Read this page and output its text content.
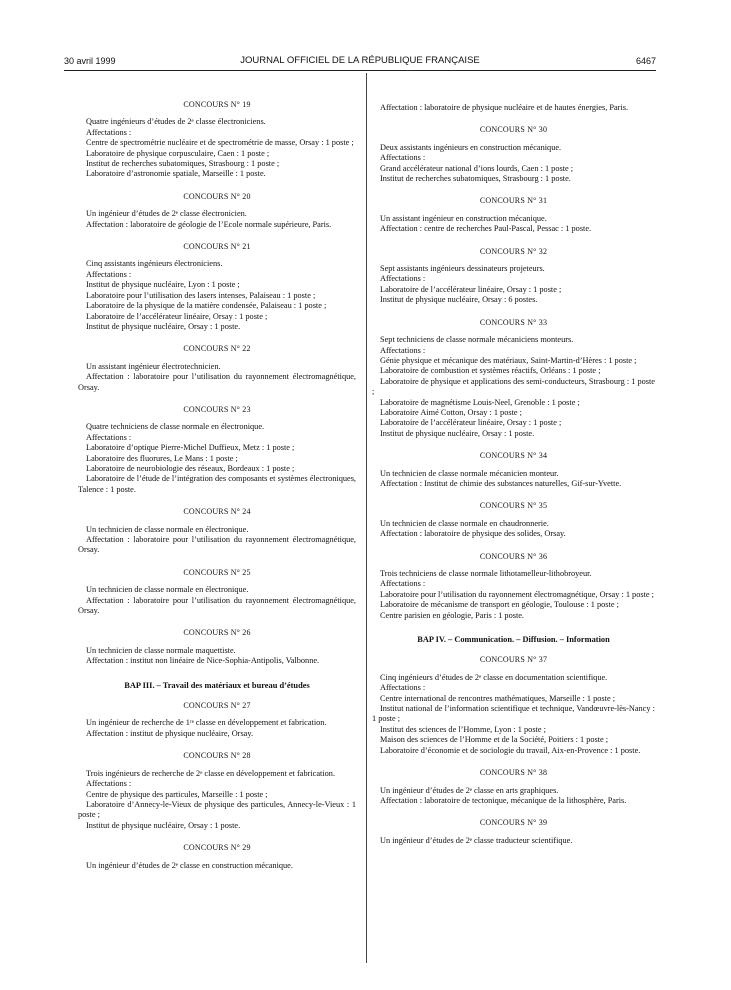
30 avril 1999	JOURNAL OFFICIEL DE LA RÉPUBLIQUE FRANÇAISE	6467
CONCOURS N° 19

Quatre ingénieurs d’études de 2ᵉ classe électroniciens.

Affectations :

Centre de spectrométrie nucléaire et de spectrométrie de masse, Orsay : 1 poste ;

Laboratoire de physique corpusculaire, Caen : 1 poste ;

Institut de recherches subatomiques, Strasbourg : 1 poste ;

Laboratoire d’astronomie spatiale, Marseille : 1 poste.

CONCOURS N° 20

Un ingénieur d’études de 2ᵉ classe électronicien.

Affectation : laboratoire de géologie de l’Ecole normale supérieure, Paris.

CONCOURS N° 21

Cinq assistants ingénieurs électroniciens.

Affectations :

Institut de physique nucléaire, Lyon : 1 poste ;

Laboratoire pour l’utilisation des lasers intenses, Palaiseau : 1 poste ;

Laboratoire de la physique de la matière condensée, Palaiseau : 1 poste ;

Laboratoire de l’accélérateur linéaire, Orsay : 1 poste ;

Institut de physique nucléaire, Orsay : 1 poste.

CONCOURS N° 22

Un assistant ingénieur électrotechnicien.

Affectation : laboratoire pour l’utilisation du rayonnement électromagnétique, Orsay.

CONCOURS N° 23

Quatre techniciens de classe normale en électronique.

Affectations :

Laboratoire d’optique Pierre-Michel Duffieux, Metz : 1 poste ;

Laboratoire des fluorures, Le Mans : 1 poste ;

Laboratoire de neurobiologie des réseaux, Bordeaux : 1 poste ;

Laboratoire de l’étude de l’intégration des composants et systèmes électroniques, Talence : 1 poste.

CONCOURS N° 24

Un technicien de classe normale en électronique.

Affectation : laboratoire pour l’utilisation du rayonnement électromagnétique, Orsay.

CONCOURS N° 25

Un technicien de classe normale en électronique.

Affectation : laboratoire pour l’utilisation du rayonnement électromagnétique, Orsay.

CONCOURS N° 26

Un technicien de classe normale maquettiste.

Affectation : institut non linéaire de Nice-Sophia-Antipolis, Valbonne.

BAP III. – Travail des matériaux et bureau d’études
CONCOURS N° 27

Un ingénieur de recherche de 1ʳᵉ classe en développement et fabrication.

Affectation : institut de physique nucléaire, Orsay.

CONCOURS N° 28

Trois ingénieurs de recherche de 2ᵉ classe en développement et fabrication.

Affectations :

Centre de physique des particules, Marseille : 1 poste ;

Laboratoire d’Annecy-le-Vieux de physique des particules, Annecy-le-Vieux : 1 poste ;

Institut de physique nucléaire, Orsay : 1 poste.

CONCOURS N° 29

Un ingénieur d’études de 2ᵉ classe en construction mécanique.

Affectation : laboratoire de physique nucléaire et de hautes énergies, Paris.

CONCOURS N° 30

Deux assistants ingénieurs en construction mécanique.

Affectations :

Grand accélérateur national d’ions lourds, Caen : 1 poste ;

Institut de recherches subatomiques, Strasbourg : 1 poste.

CONCOURS N° 31

Un assistant ingénieur en construction mécanique.

Affectation : centre de recherches Paul-Pascal, Pessac : 1 poste.

CONCOURS N° 32

Sept assistants ingénieurs dessinateurs projeteurs.

Affectations :

Laboratoire de l’accélérateur linéaire, Orsay : 1 poste ;

Institut de physique nucléaire, Orsay : 6 postes.

CONCOURS N° 33

Sept techniciens de classe normale mécaniciens monteurs.

Affectations :

Génie physique et mécanique des matériaux, Saint-Martin-d’Hères : 1 poste ;

Laboratoire de combustion et systèmes réactifs, Orléans : 1 poste ;

Laboratoire de physique et applications des semi-conducteurs, Strasbourg : 1 poste ;

Laboratoire de magnétisme Louis-Neel, Grenoble : 1 poste ;

Laboratoire Aimé Cotton, Orsay : 1 poste ;

Laboratoire de l’accélérateur linéaire, Orsay : 1 poste ;

Institut de physique nucléaire, Orsay : 1 poste.

CONCOURS N° 34

Un technicien de classe normale mécanicien monteur.

Affectation : Institut de chimie des substances naturelles, Gif-sur-Yvette.

CONCOURS N° 35

Un technicien de classe normale en chaudronnerie.

Affectation : laboratoire de physique des solides, Orsay.

CONCOURS N° 36

Trois techniciens de classe normale lithotamelleur-lithobroyeur.

Affectations :

Laboratoire pour l’utilisation du rayonnement électromagnétique, Orsay : 1 poste ;

Laboratoire de mécanisme de transport en géologie, Toulouse : 1 poste ;

Centre parisien en géologie, Paris : 1 poste.

BAP IV. – Communication. – Diffusion. – Information
CONCOURS N° 37

Cinq ingénieurs d’études de 2ᵉ classe en documentation scientifique.

Affectations :

Centre international de rencontres mathématiques, Marseille : 1 poste ;

Institut national de l’information scientifique et technique, Vandœuvre-lès-Nancy : 1 poste ;

Institut des sciences de l’Homme, Lyon : 1 poste ;

Maison des sciences de l’Homme et de la Société, Poitiers : 1 poste ;

Laboratoire d’économie et de sociologie du travail, Aix-en-Provence : 1 poste.

CONCOURS N° 38

Un ingénieur d’études de 2ᵉ classe en arts graphiques.

Affectation : laboratoire de tectonique, mécanique de la lithosphère, Paris.

CONCOURS N° 39

Un ingénieur d’études de 2ᵉ classe traducteur scientifique.
